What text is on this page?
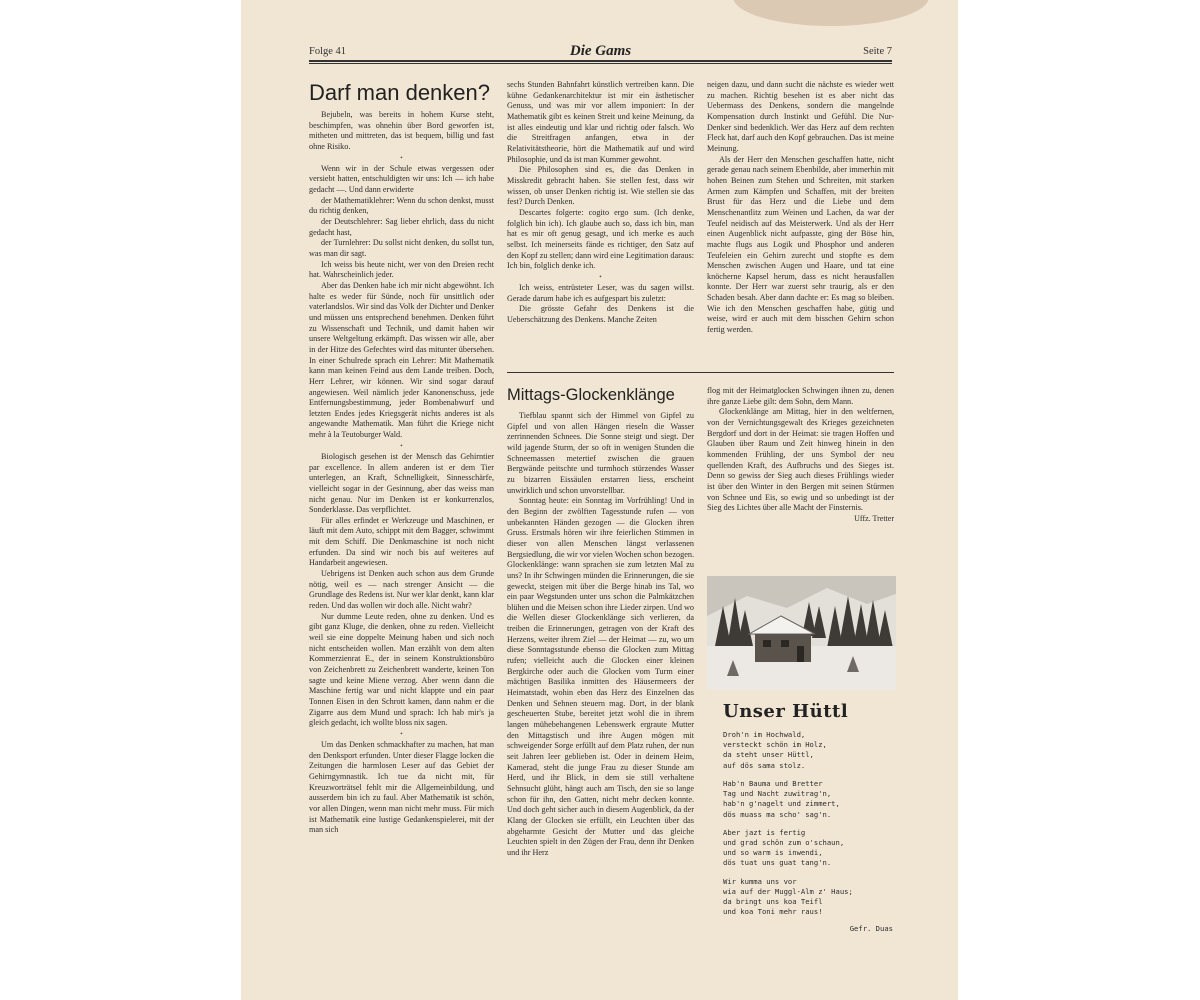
Folge 41	Die Gams	Seite 7
Darf man denken?

Bejubeln, was bereits in hohem Kurse steht, beschimpfen, was ohnehin über Bord geworfen ist, mitheten und mittreten, das ist bequem, billig und fast ohne Risiko.

•

Wenn wir in der Schule etwas vergessen oder versiebt hatten, entschuldigten wir uns: Ich — ich habe gedacht —. Und dann erwiderte

der Mathematiklehrer: Wenn du schon denkst, musst du richtig denken,

der Deutschlehrer: Sag lieber ehrlich, dass du nicht gedacht hast,

der Turnlehrer: Du sollst nicht denken, du sollst tun, was man dir sagt.

Ich weiss bis heute nicht, wer von den Dreien recht hat. Wahrscheinlich jeder.

Aber das Denken habe ich mir nicht abgewöhnt. Ich halte es weder für Sünde, noch für unsittlich oder vaterlandslos. Wir sind das Volk der Dichter und Denker und müssen uns entsprechend benehmen. Denken führt zu Wissenschaft und Technik, und damit haben wir unsere Weltgeltung erkämpft. Das wissen wir alle, aber in der Hitze des Gefechtes wird das mitunter übersehen. In einer Schulrede sprach ein Lehrer: Mit Mathematik kann man keinen Feind aus dem Lande treiben. Doch, Herr Lehrer, wir können. Wir sind sogar darauf angewiesen. Weil nämlich jeder Kanonenschuss, jede Entfernungsbestimmung, jeder Bombenabwurf und letzten Endes jedes Kriegsgerät nichts anderes ist als angewandte Mathematik. Man führt die Kriege nicht mehr à la Teutoburger Wald.

•

Biologisch gesehen ist der Mensch das Gehirntier par excellence. In allem anderen ist er dem Tier unterlegen, an Kraft, Schnelligkeit, Sinnesschärfe, vielleicht sogar in der Gesinnung, aber das weiss man nicht genau. Nur im Denken ist er konkurrenzlos, Sonderklasse. Das verpflichtet.

Für alles erfindet er Werkzeuge und Maschinen, er läuft mit dem Auto, schippt mit dem Bagger, schwimmt mit dem Schiff. Die Denkmaschine ist noch nicht erfunden. Da sind wir noch bis auf weiteres auf Handarbeit angewiesen.

Uebrigens ist Denken auch schon aus dem Grunde nötig, weil es — nach strenger Ansicht — die Grundlage des Redens ist. Nur wer klar denkt, kann klar reden. Und das wollen wir doch alle. Nicht wahr?

Nur dumme Leute reden, ohne zu denken. Und es gibt ganz Kluge, die denken, ohne zu reden. Vielleicht weil sie eine doppelte Meinung haben und sich noch nicht entscheiden wollen. Man erzählt von dem alten Kommerzienrat E., der in seinem Konstruktionsbüro von Zeichenbrett zu Zeichenbrett wanderte, keinen Ton sagte und keine Miene verzog. Aber wenn dann die Maschine fertig war und nicht klappte und ein paar Tonnen Eisen in den Schrott kamen, dann nahm er die Zigarre aus dem Mund und sprach: Ich hab mir's ja gleich gedacht, ich wollte bloss nix sagen.

•

Um das Denken schmackhafter zu machen, hat man den Denksport erfunden. Unter dieser Flagge locken die Zeitungen die harmlosen Leser auf das Gebiet der Gehirngymnastik. Ich tue da nicht mit, für Kreuzworträtsel fehlt mir die Allgemeinbildung, und ausserdem bin ich zu faul. Aber Mathematik ist schön, vor allen Dingen, wenn man nicht mehr muss. Für mich ist Mathematik eine lustige Gedankenspielerei, mit der man sich

sechs Stunden Bahnfahrt künstlich vertreiben kann. Die kühne Gedankenarchitektur ist mir ein ästhetischer Genuss, und was mir vor allem imponiert: In der Mathematik gibt es keinen Streit und keine Meinung, da ist alles eindeutig und klar und richtig oder falsch. Wo die Streitfragen anfangen, etwa in der Relativitätstheorie, hört die Mathematik auf und wird Philosophie, und da ist man Kummer gewohnt.

Die Philosophen sind es, die das Denken in Misskredit gebracht haben. Sie stellen fest, dass wir wissen, ob unser Denken richtig ist. Wie stellen sie das fest? Durch Denken.

Descartes folgerte: cogito ergo sum. (Ich denke, folglich bin ich). Ich glaube auch so, dass ich bin, man hat es mir oft genug gesagt, und ich merke es auch selbst. Ich meinerseits fände es richtiger, den Satz auf den Kopf zu stellen; dann wird eine Legitimation daraus: Ich bin, folglich denke ich.

•

Ich weiss, entrüsteter Leser, was du sagen willst. Gerade darum habe ich es aufgespart bis zuletzt:

Die grösste Gefahr des Denkens ist die Ueberschätzung des Denkens. Manche Zeiten

neigen dazu, und dann sucht die nächste es wieder wett zu machen. Richtig besehen ist es aber nicht das Uebermass des Denkens, sondern die mangelnde Kompensation durch Instinkt und Gefühl. Die Nur-Denker sind bedenklich. Wer das Herz auf dem rechten Fleck hat, darf auch den Kopf gebrauchen. Das ist meine Meinung.

Als der Herr den Menschen geschaffen hatte, nicht gerade genau nach seinem Ebenbilde, aber immerhin mit hohen Beinen zum Stehen und Schreiten, mit starken Armen zum Kämpfen und Schaffen, mit der breiten Brust für das Herz und die Liebe und dem Menschenantlitz zum Weinen und Lachen, da war der Teufel neidisch auf das Meisterwerk. Und als der Herr einen Augenblick nicht aufpasste, ging der Böse hin, machte flugs aus Logik und Phosphor und anderen Teufeleien ein Gehirn zurecht und stopfte es dem Menschen zwischen Augen und Haare, und tat eine knöcherne Kapsel herum, dass es nicht herausfallen konnte. Der Herr war zuerst sehr traurig, als er den Schaden besah. Aber dann dachte er: Es mag so bleiben. Wie ich den Menschen geschaffen habe, gütig und weise, wird er auch mit dem bisschen Gehirn schon fertig werden.

Mittags-Glockenklänge

Tiefblau spannt sich der Himmel von Gipfel zu Gipfel und von allen Hängen rieseln die Wasser zerrinnenden Schnees. Die Sonne steigt und siegt. Der wild jagende Sturm, der so oft in wenigen Stunden die Schneemassen metertief zwischen die grauen Bergwände peitschte und turmhoch stürzendes Wasser zu bizarren Eissäulen erstarren liess, erscheint unwirklich und schon unvorstellbar.

Sonntag heute: ein Sonntag im Vorfrühling! Und in den Beginn der zwölften Tagesstunde rufen — von unbekannten Händen gezogen — die Glocken ihren Gruss. Erstmals hören wir ihre feierlichen Stimmen in dieser von allen Menschen längst verlassenen Bergsiedlung, die wir vor vielen Wochen schon bezogen. Glockenklänge: wann sprachen sie zum letzten Mal zu uns? In ihr Schwingen münden die Erinnerungen, die sie geweckt, steigen mit über die Berge hinab ins Tal, wo ein paar Wegstunden unter uns schon die Palmkätzchen blühen und die Meisen schon ihre Lieder zirpen. Und wo die Wellen dieser Glockenklänge sich verlieren, da treiben die Erinnerungen, getragen von der Kraft des Herzens, weiter ihrem Ziel — der Heimat — zu, wo um diese Sonntagsstunde ebenso die Glocken zum Mittag rufen; vielleicht auch die Glocken einer kleinen Bergkirche oder auch die Glocken vom Turm einer mächtigen Basilika inmitten des Häusermeers der Heimatstadt, wohin eben das Herz des Einzelnen das Denken und Sehnen steuern mag. Dort, in der blank gescheuerten Stube, bereitet jetzt wohl die in ihrem langen mühebehangenen Lebenswerk ergraute Mutter den Mittagstisch und ihre Augen mögen mit schweigender Sorge erfüllt auf dem Platz ruhen, der nun seit Jahren leer geblieben ist. Oder in deinem Heim, Kamerad, steht die junge Frau zu dieser Stunde am Herd, und ihr Blick, in dem sie still verhaltene Sehnsucht glüht, hängt auch am Tisch, den sie so lange schon für ihn, den Gatten, nicht mehr decken konnte. Und doch geht sicher auch in diesem Augenblick, da der Klang der Glocken sie erfüllt, ein Leuchten über das abgeharmte Gesicht der Mutter und das gleiche Leuchten spielt in den Zügen der Frau, denn ihr Denken und ihr Herz

flog mit der Heimatglocken Schwingen ihnen zu, denen ihre ganze Liebe gilt: dem Sohn, dem Mann.

Glockenklänge am Mittag, hier in den weltfernen, von der Vernichtungsgewalt des Krieges gezeichneten Bergdorf und dort in der Heimat: sie tragen Hoffen und Glauben über Raum und Zeit hinweg hinein in den kommenden Frühling, der uns Symbol der neu quellenden Kraft, des Aufbruchs und des Sieges ist. Denn so gewiss der Sieg auch dieses Frühlings wieder ist über den Winter in den Bergen mit seinen Stürmen von Schnee und Eis, so ewig und so unbedingt ist der Sieg des Lichtes über alle Macht der Finsternis.

Uffz. Tretter
Unser Hüttl
Droh'n im Hochwald,
versteckt schön im Holz,
da steht unser Hüttl,
auf dös sama stolz.
Hab'n Bauma und Bretter
Tag und Nacht zuwitrag'n,
hab'n g'nagelt und zimmert,
dös muass ma scho' sag'n.
Aber jazt is fertig
und grad schön zum o'schaun,
und so warm is inwendi,
dös tuat uns guat tang'n.
Wir kumma uns vor
wia auf der Muggl-Alm z' Haus;
da bringt uns koa Teifl
und koa Toni mehr raus!
Gefr. Duas
